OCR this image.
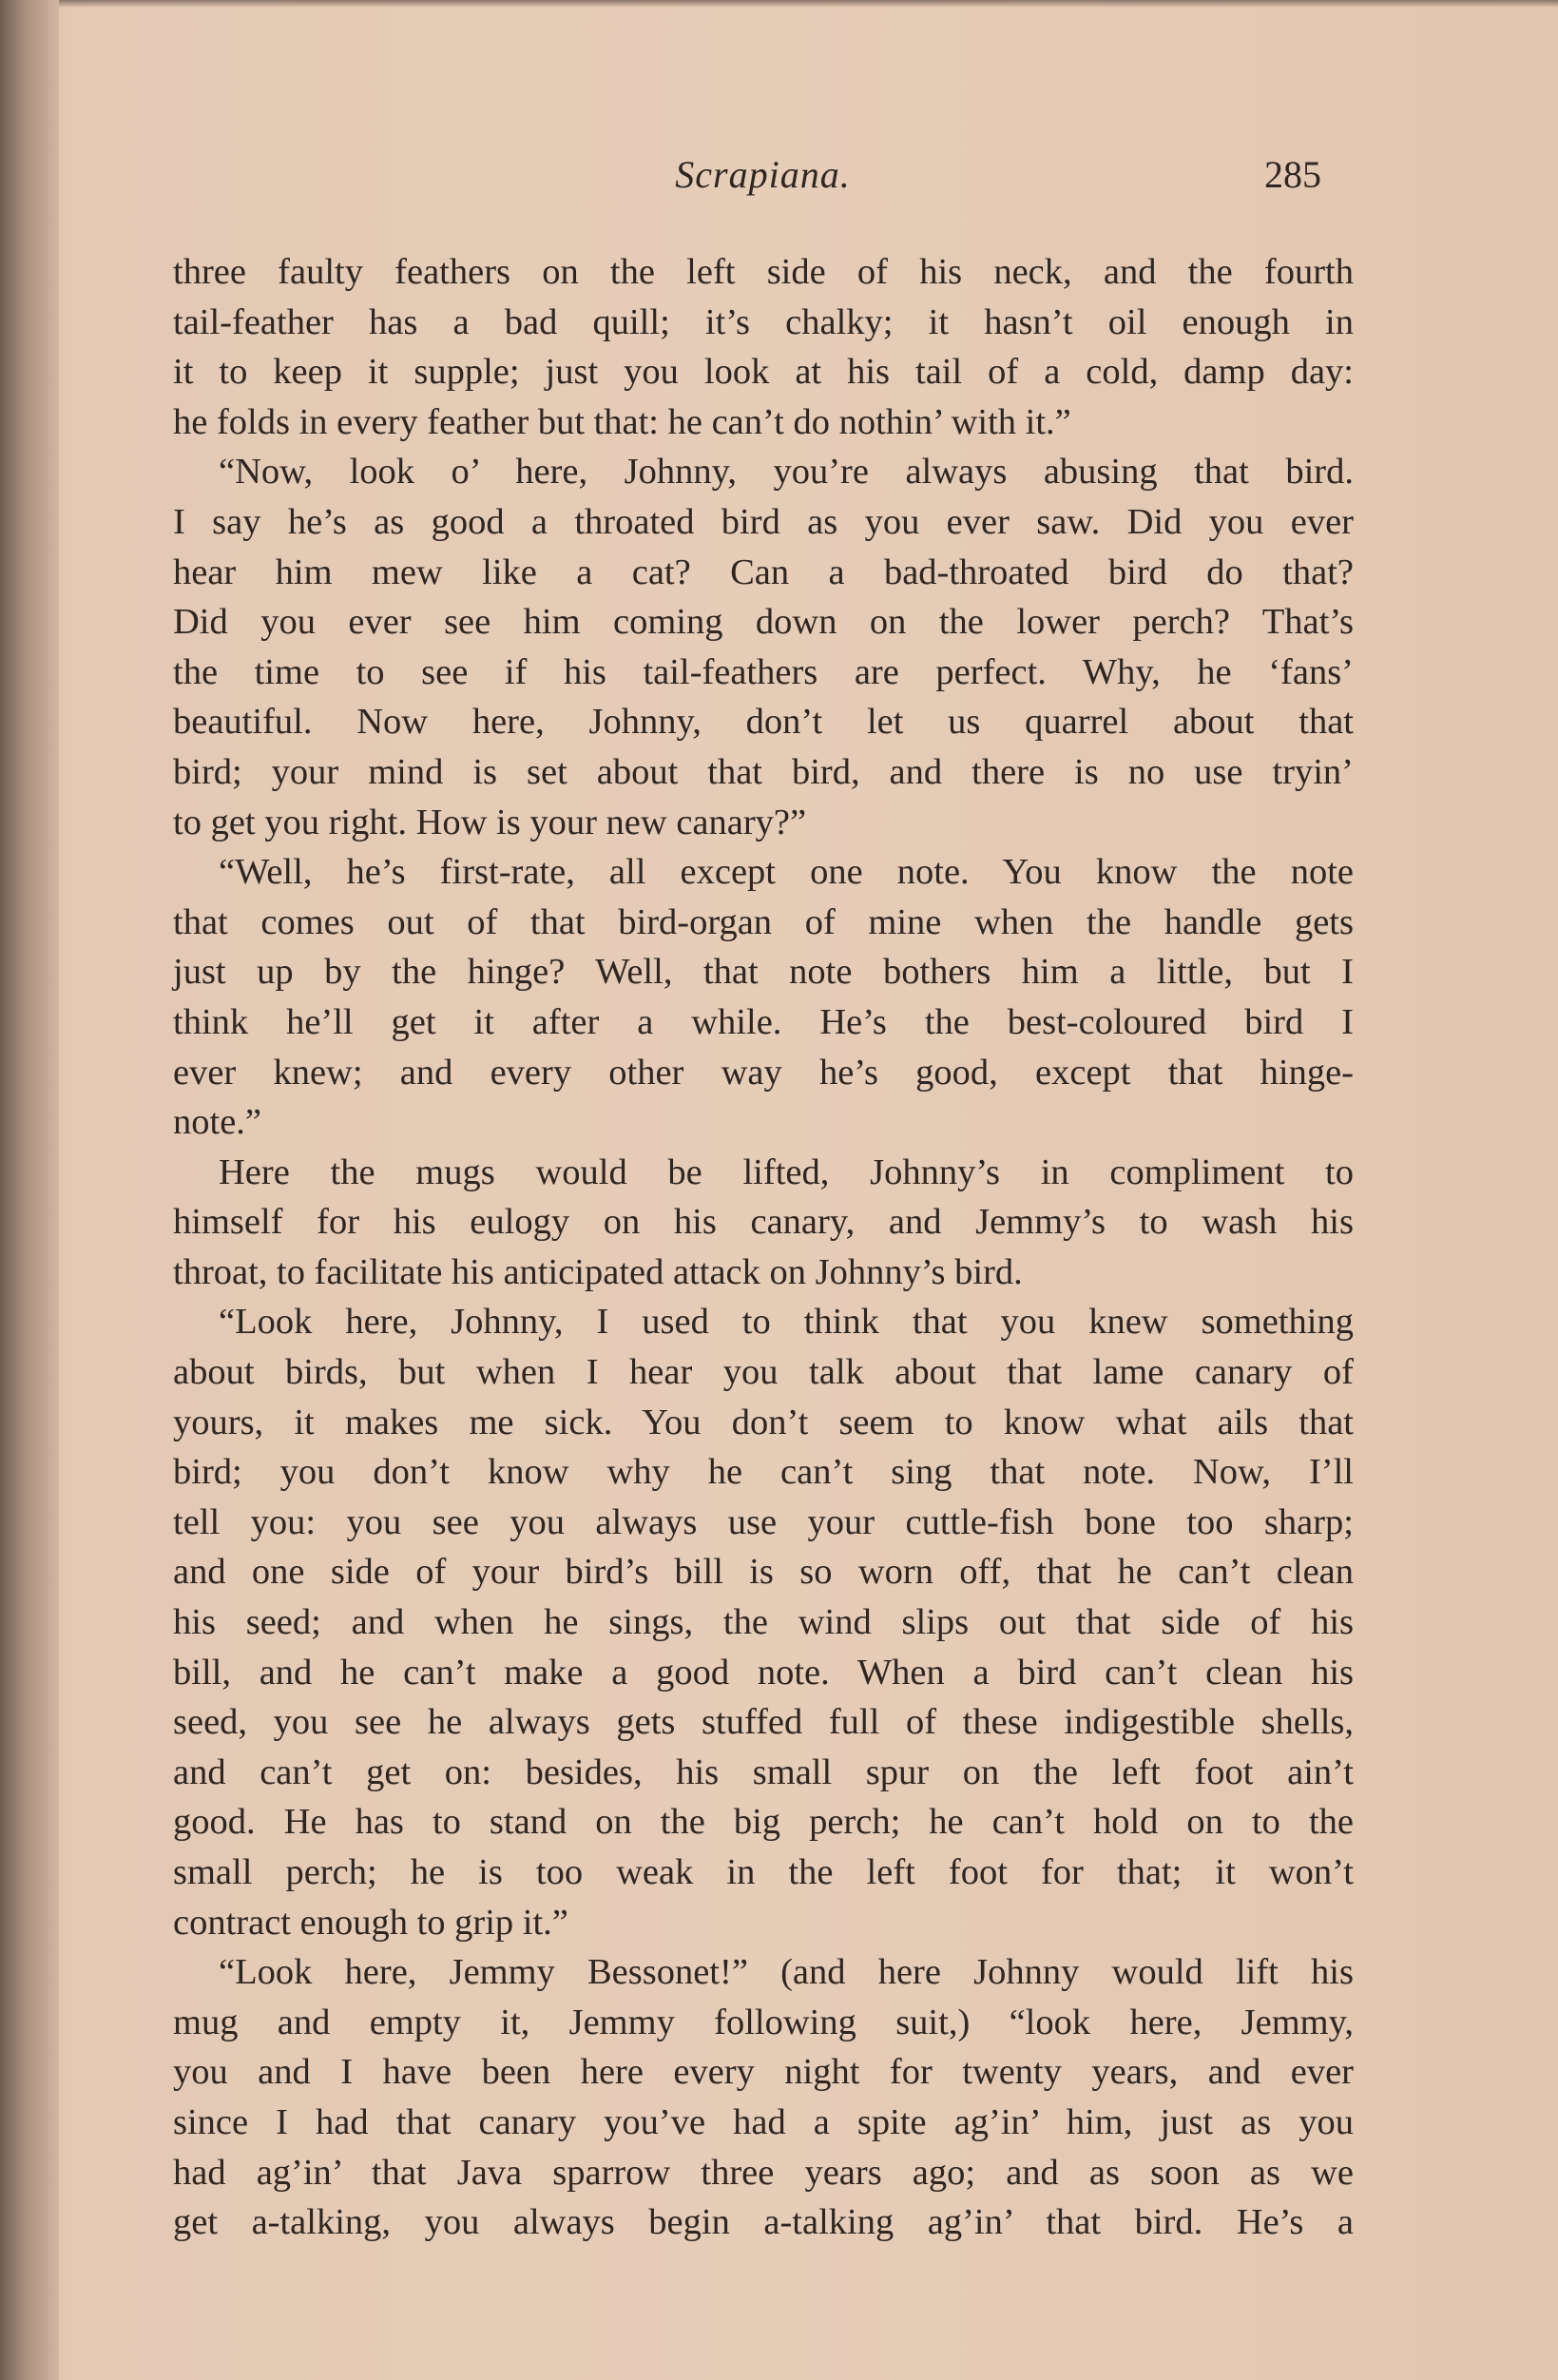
Scrapiana.	285

three faulty feathers on the left side of his neck, and the fourth

tail-feather has a bad quill; it’s chalky; it hasn’t oil enough in

it to keep it supple; just you look at his tail of a cold, damp day:

he folds in every feather but that: he can’t do nothin’ with it.”

“Now, look o’ here, Johnny, you’re always abusing that bird.

I say he’s as good a throated bird as you ever saw. Did you ever

hear him mew like a cat? Can a bad-throated bird do that?

Did you ever see him coming down on the lower perch? That’s

the time to see if his tail-feathers are perfect. Why, he ‘fans’

beautiful. Now here, Johnny, don’t let us quarrel about that

bird; your mind is set about that bird, and there is no use tryin’

to get you right. How is your new canary?”

“Well, he’s first-rate, all except one note. You know the note

that comes out of that bird-organ of mine when the handle gets

just up by the hinge? Well, that note bothers him a little, but I

think he’ll get it after a while. He’s the best-coloured bird I

ever knew; and every other way he’s good, except that hinge-

note.”

Here the mugs would be lifted, Johnny’s in compliment to

himself for his eulogy on his canary, and Jemmy’s to wash his

throat, to facilitate his anticipated attack on Johnny’s bird.

“Look here, Johnny, I used to think that you knew something

about birds, but when I hear you talk about that lame canary of

yours, it makes me sick. You don’t seem to know what ails that

bird; you don’t know why he can’t sing that note. Now, I’ll

tell you: you see you always use your cuttle-fish bone too sharp;

and one side of your bird’s bill is so worn off, that he can’t clean

his seed; and when he sings, the wind slips out that side of his

bill, and he can’t make a good note. When a bird can’t clean his

seed, you see he always gets stuffed full of these indigestible shells,

and can’t get on: besides, his small spur on the left foot ain’t

good. He has to stand on the big perch; he can’t hold on to the

small perch; he is too weak in the left foot for that; it won’t

contract enough to grip it.”

“Look here, Jemmy Bessonet!” (and here Johnny would lift his

mug and empty it, Jemmy following suit,) “look here, Jemmy,

you and I have been here every night for twenty years, and ever

since I had that canary you’ve had a spite ag’in’ him, just as you

had ag’in’ that Java sparrow three years ago; and as soon as we

get a-talking, you always begin a-talking ag’in’ that bird. He’s a
